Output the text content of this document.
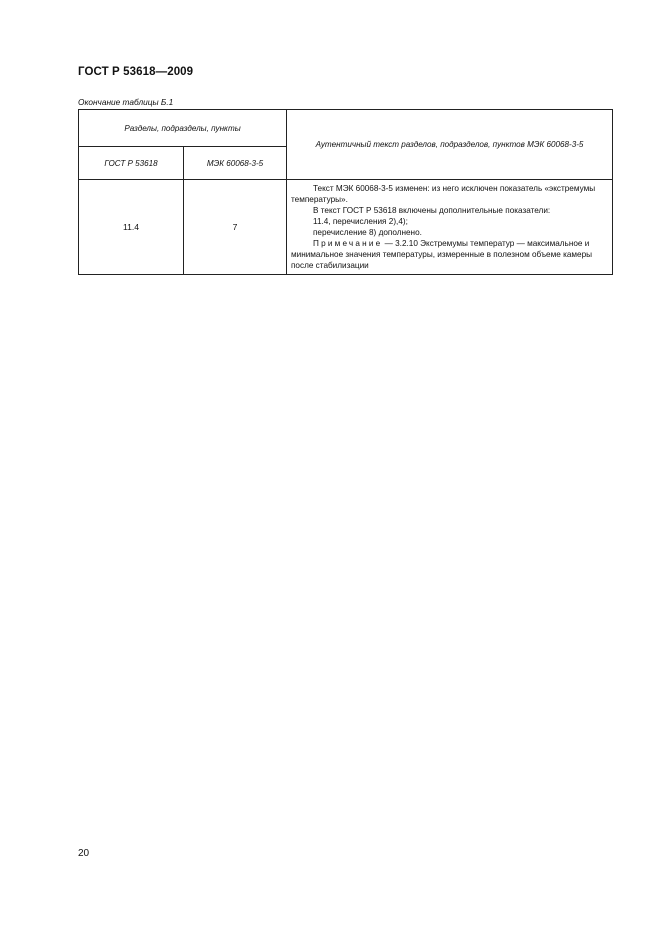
ГОСТ Р 53618—2009
Окончание таблицы Б.1
Разделы, подразделы, пункты		Аутентичный текст разделов, подразделов, пунктов МЭК 60068-3-5
ГОСТ Р 53618	МЭК 60068-3-5	
11.4	7	Текст МЭК 60068-3-5 изменен: из него исключен показатель «экстремумы температуры».

В текст ГОСТ Р 53618 включены дополнительные показатели:

11.4, перечисления 2),4);

перечисление 8) дополнено.

Примечание — 3.2.10 Экстремумы температур — максимальное и минимальное значения температуры, измеренные в полезном объеме камеры после стабилизации

20
